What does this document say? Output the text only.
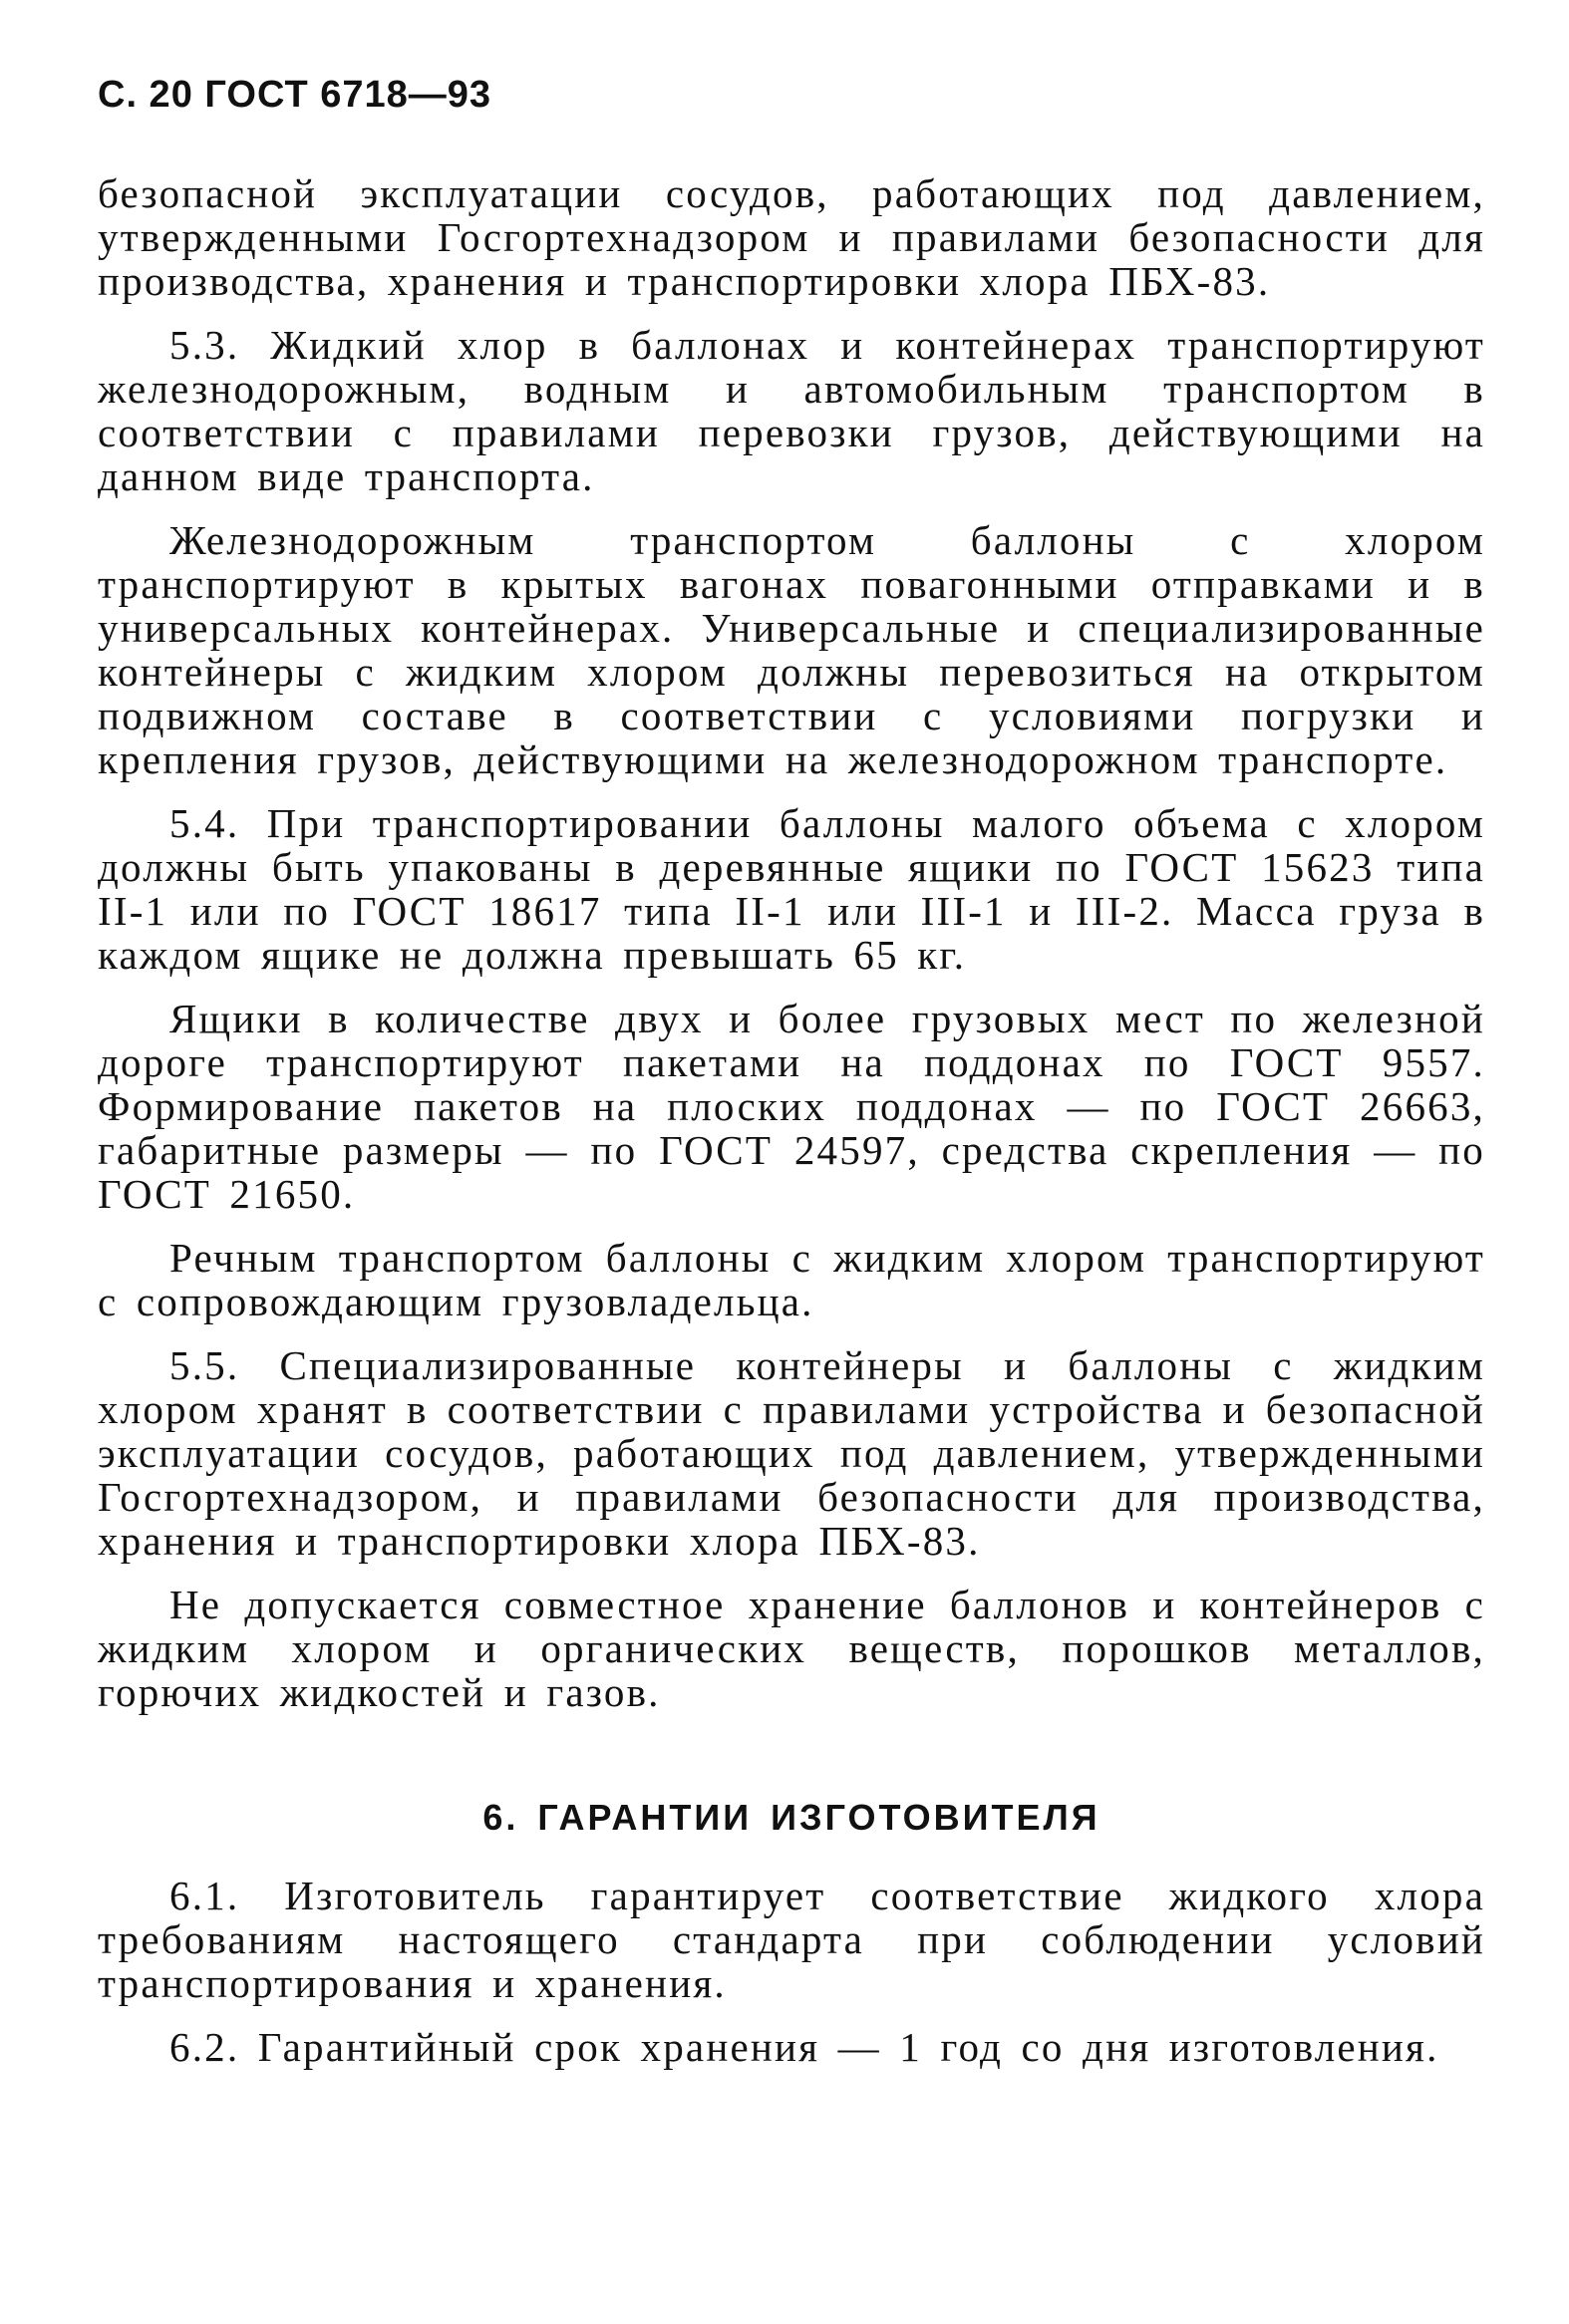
С. 20 ГОСТ 6718—93

безопасной эксплуатации сосудов, работающих под давлением, утвержденными Госгортехнадзором и правилами безопасности для производства, хранения и транспортировки хлора ПБХ-83.

5.3. Жидкий хлор в баллонах и контейнерах транспортируют железнодорожным, водным и автомобильным транспортом в соответствии с правилами перевозки грузов, действующими на данном виде транспорта.

Железнодорожным транспортом баллоны с хлором транспортируют в крытых вагонах повагонными отправками и в универсальных контейнерах. Универсальные и специализированные контейнеры с жидким хлором должны перевозиться на открытом подвижном составе в соответствии с условиями погрузки и крепления грузов, действующими на железнодорожном транспорте.

5.4. При транспортировании баллоны малого объема с хлором должны быть упакованы в деревянные ящики по ГОСТ 15623 типа II-1 или по ГОСТ 18617 типа II-1 или III-1 и III-2. Масса груза в каждом ящике не должна превышать 65 кг.

Ящики в количестве двух и более грузовых мест по железной дороге транспортируют пакетами на поддонах по ГОСТ 9557. Формирование пакетов на плоских поддонах — по ГОСТ 26663, габаритные размеры — по ГОСТ 24597, средства скрепления — по ГОСТ 21650.

Речным транспортом баллоны с жидким хлором транспортируют с сопровождающим грузовладельца.

5.5. Специализированные контейнеры и баллоны с жидким хлором хранят в соответствии с правилами устройства и безопасной эксплуатации сосудов, работающих под давлением, утвержденными Госгортехнадзором, и правилами безопасности для производства, хранения и транспортировки хлора ПБХ-83.

Не допускается совместное хранение баллонов и контейнеров с жидким хлором и органических веществ, порошков металлов, горючих жидкостей и газов.

6. ГАРАНТИИ ИЗГОТОВИТЕЛЯ

6.1. Изготовитель гарантирует соответствие жидкого хлора требованиям настоящего стандарта при соблюдении условий транспортирования и хранения.

6.2. Гарантийный срок хранения — 1 год со дня изготовления.
